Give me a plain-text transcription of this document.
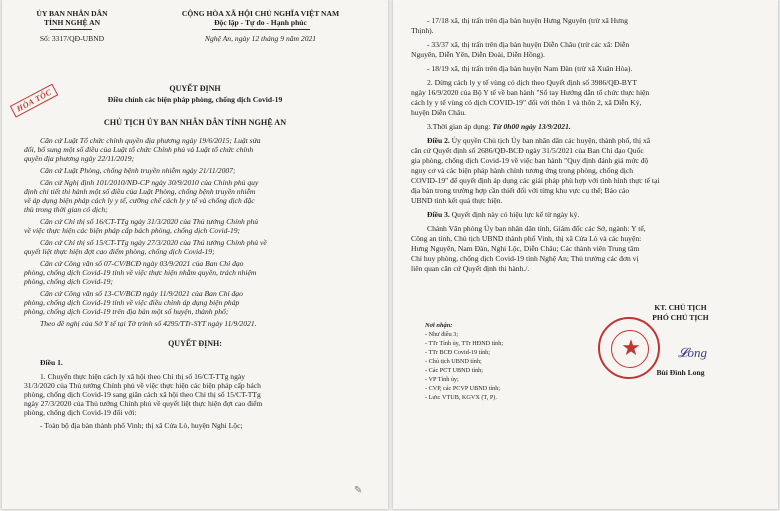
ỦY BAN NHÂN DÂN
TỈNH NGHỆ AN
Số: 3317/QĐ-UBND
CỘNG HÒA XÃ HỘI CHỦ NGHĨA VIỆT NAM
Độc lập - Tự do - Hạnh phúc
Nghệ An, ngày 12 tháng 9 năm 2021
HỎA TỐC	QUYẾT ĐỊNH
Điều chỉnh các biện pháp phòng, chống dịch Covid-19
CHỦ TỊCH ỦY BAN NHÂN DÂN TỈNH NGHỆ AN
Căn cứ Luật Tổ chức chính quyền địa phương ngày 19/6/2015; Luật sửa
đổi, bổ sung một số điều của Luật tổ chức Chính phủ và Luật tổ chức chính
quyền địa phương ngày 22/11/2019;
Căn cứ Luật Phòng, chống bệnh truyền nhiễm ngày 21/11/2007;
Căn cứ Nghị định 101/2010/NĐ-CP ngày 30/9/2010 của Chính phủ quy
định chi tiết thi hành một số điều của Luật Phòng, chống bệnh truyền nhiễm
về áp dụng biện pháp cách ly y tế, cưỡng chế cách ly y tế và chống dịch đặc
thù trong thời gian có dịch;
Căn cứ Chỉ thị số 16/CT-TTg ngày 31/3/2020 của Thủ tướng Chính phủ
về việc thực hiện các biện pháp cấp bách phòng, chống dịch Covid-19;
Căn cứ Chỉ thị số 15/CT-TTg ngày 27/3/2020 của Thủ tướng Chính phủ về
quyết liệt thực hiện đợt cao điểm phòng, chống dịch Covid-19;
Căn cứ Công văn số 07-CV/BCĐ ngày 03/9/2021 của Ban Chỉ đạo
phòng, chống dịch Covid-19 tỉnh về việc thực hiện nhằm quyền, trách nhiệm
phòng, chống dịch Covid-19;
Căn cứ Công văn số 13-CV/BCĐ ngày 11/9/2021 của Ban Chỉ đạo
phòng, chống dịch Covid-19 tỉnh về việc điều chỉnh áp dụng biện pháp
phòng, chống dịch Covid-19 trên địa bàn một số huyện, thành phố;
Theo đề nghị của Sở Y tế tại Tờ trình số 4295/TTr-SYT ngày 11/9/2021.
QUYẾT ĐỊNH:
Điều 1.
1. Chuyển thực hiện cách ly xã hội theo Chỉ thị số 16/CT-TTg ngày
31/3/2020 của Thủ tướng Chính phủ về việc thực hiện các biện pháp cấp bách
phòng, chống dịch Covid-19 sang giãn cách xã hội theo Chỉ thị số 15/CT-TTg
ngày 27/3/2020 của Thủ tướng Chính phủ về quyết liệt thực hiện đợt cao điểm
phòng, chống dịch Covid-19 đối với:
- Toàn bộ địa bàn thành phố Vinh; thị xã Cửa Lò, huyện Nghi Lộc;
✎
- 17/18 xã, thị trấn trên địa bàn huyện Hưng Nguyên (trừ xã Hưng
Thịnh).
- 33/37 xã, thị trấn trên địa bàn huyện Diễn Châu (trừ các xã: Diễn
Nguyên, Diễn Yên, Diễn Đoài, Diễn Hồng).
- 18/19 xã, thị trấn trên địa bàn huyện Nam Đàn (trừ xã Xuân Hòa).
2. Dừng cách ly y tế vùng có dịch theo Quyết định số 3986/QĐ-BYT
ngày 16/9/2020 của Bộ Y tế về ban hành "Sổ tay Hướng dẫn tổ chức thực hiện
cách ly y tế vùng có dịch COVID-19" đối với thôn 1 và thôn 2, xã Diễn Kỷ,
huyện Diễn Châu.
3.Thời gian áp dụng: Từ 0h00 ngày 13/9/2021.
Điều 2. Ủy quyền Chủ tịch Ủy ban nhân dân các huyện, thành phố, thị xã
căn cứ Quyết định số 2686/QĐ-BCĐ ngày 31/5/2021 của Ban Chỉ đạo Quốc
gia phòng, chống dịch Covid-19 về việc ban hành "Quy định đánh giá mức độ
nguy cơ và các biện pháp hành chính tương ứng trong phòng, chống dịch
COVID-19" để quyết định áp dụng các giải pháp phù hợp với tình hình thực tế tại
địa bàn trong trường hợp cần thiết đối với từng khu vực cụ thể; Báo cáo
UBND tỉnh kết quả thực hiện.
Điều 3. Quyết định này có hiệu lực kể từ ngày ký.
Chánh Văn phòng Ủy ban nhân dân tỉnh, Giám đốc các Sở, ngành: Y tế,
Công an tỉnh, Chủ tịch UBND thành phố Vinh, thị xã Cửa Lò và các huyện:
Hưng Nguyên, Nam Đàn, Nghi Lộc, Diễn Châu; Các thành viên Trung tâm
Chỉ huy phòng, chống dịch Covid-19 tỉnh Nghệ An; Thủ trưởng các đơn vị
liên quan căn cứ Quyết định thi hành./.
Nơi nhận:
- Như điều 3;
- TTr Tỉnh ủy, TTr HĐND tỉnh;
- TTr BCĐ Covid-19 tỉnh;
- Chủ tịch UBND tỉnh;
- Các PCT UBND tỉnh;
- VP Tỉnh ủy;
- CVP, các PCVP UBND tỉnh;
- Lưu: VTUB, KGVX (T, P).
KT. CHỦ TỊCH
PHÓ CHỦ TỊCH
★	𝓛ong
Bùi Đình Long
